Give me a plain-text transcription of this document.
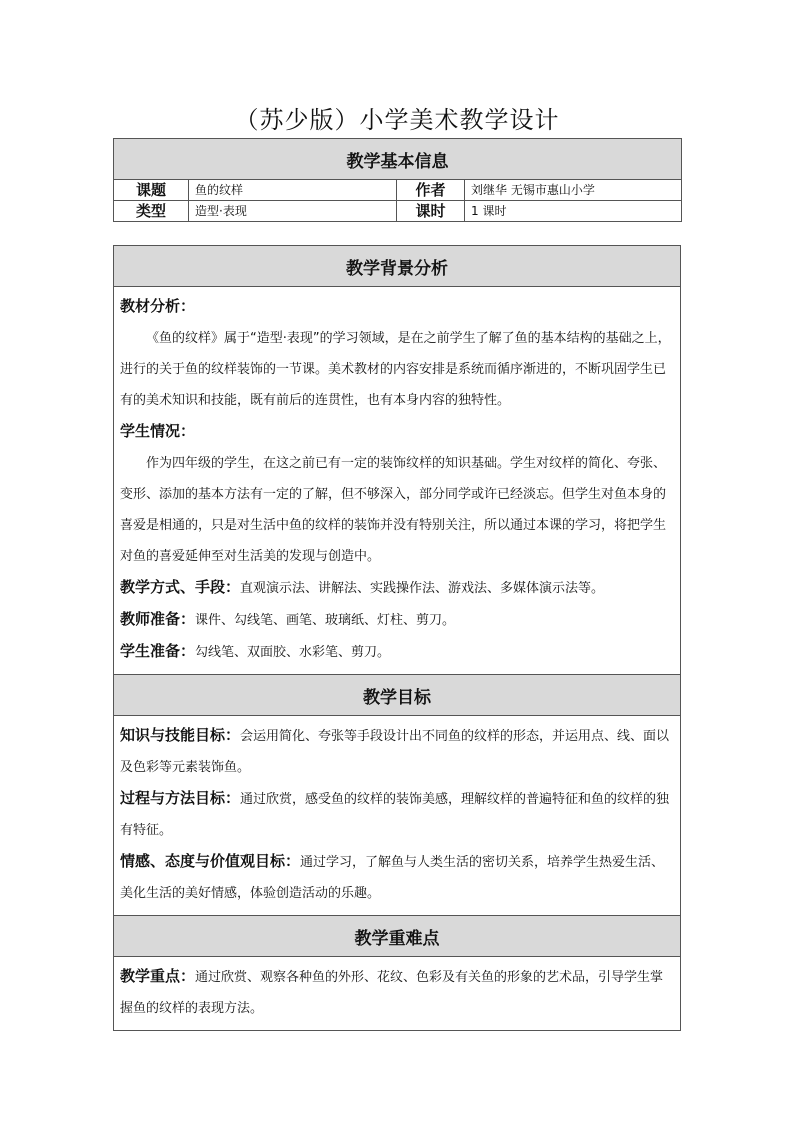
（苏少版）小学美术教学设计
教学基本信息			
课题	鱼的纹样	作者	刘继华 无锡市惠山小学
类型	造型·表现	课时	1 课时
教学背景分析

教材分析：

《鱼的纹样》属于“造型·表现”的学习领域，是在之前学生了解了鱼的基本结构的基础之上，进行的关于鱼的纹样装饰的一节课。美术教材的内容安排是系统而循序渐进的，不断巩固学生已有的美术知识和技能，既有前后的连贯性，也有本身内容的独特性。

学生情况：

作为四年级的学生，在这之前已有一定的装饰纹样的知识基础。学生对纹样的简化、夸张、变形、添加的基本方法有一定的了解，但不够深入，部分同学或许已经淡忘。但学生对鱼本身的喜爱是相通的，只是对生活中鱼的纹样的装饰并没有特别关注，所以通过本课的学习，将把学生对鱼的喜爱延伸至对生活美的发现与创造中。

教学方式、手段：直观演示法、讲解法、实践操作法、游戏法、多媒体演示法等。

教师准备：课件、勾线笔、画笔、玻璃纸、灯柱、剪刀。

学生准备：勾线笔、双面胶、水彩笔、剪刀。

教学目标

知识与技能目标：会运用简化、夸张等手段设计出不同鱼的纹样的形态，并运用点、线、面以及色彩等元素装饰鱼。

过程与方法目标：通过欣赏，感受鱼的纹样的装饰美感，理解纹样的普遍特征和鱼的纹样的独有特征。

情感、态度与价值观目标：通过学习，了解鱼与人类生活的密切关系，培养学生热爱生活、美化生活的美好情感，体验创造活动的乐趣。

教学重难点

教学重点：通过欣赏、观察各种鱼的外形、花纹、色彩及有关鱼的形象的艺术品，引导学生掌握鱼的纹样的表现方法。
